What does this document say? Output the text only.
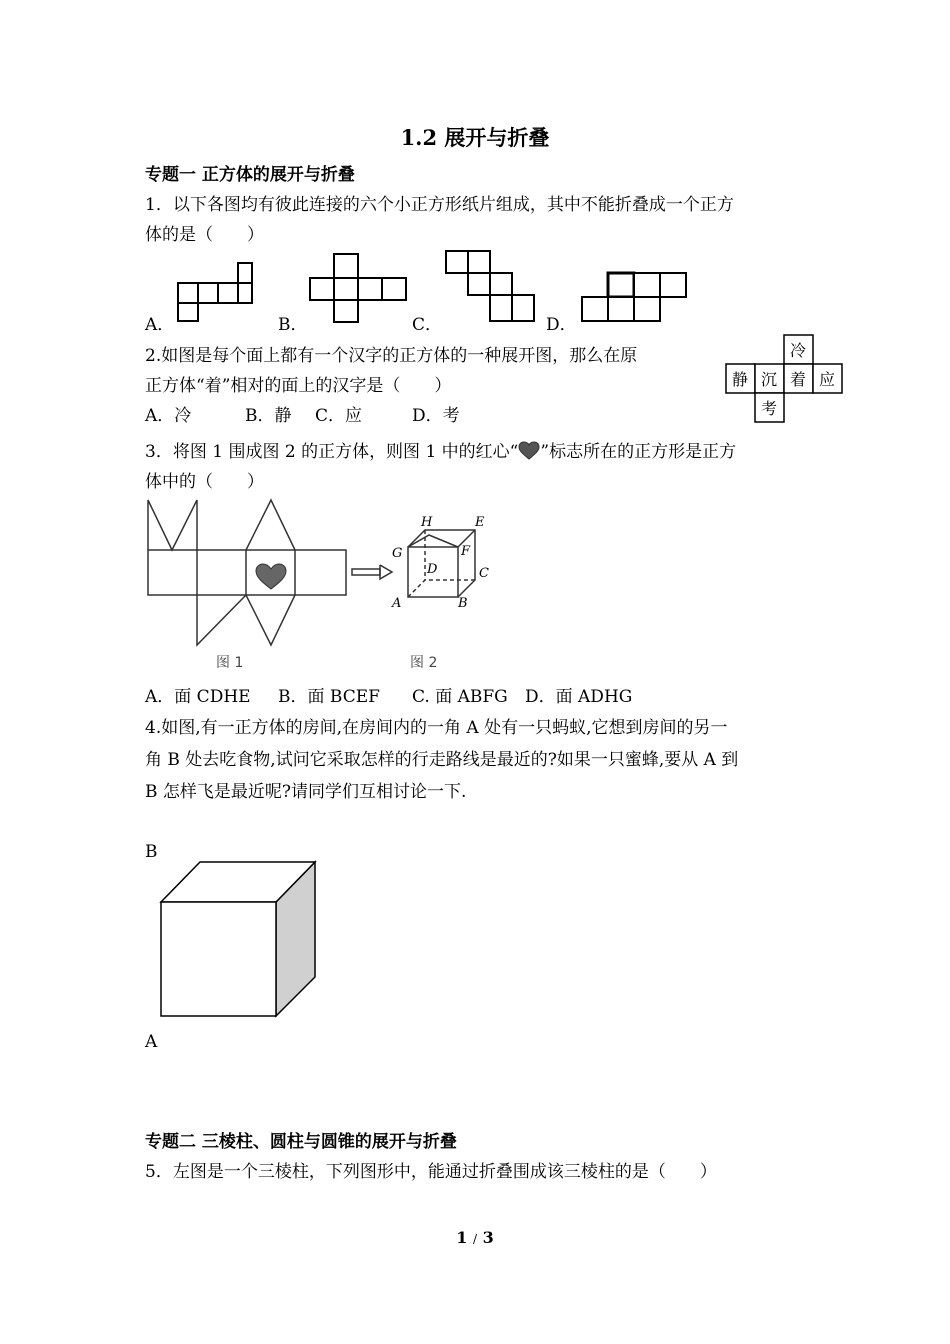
1.2 展开与折叠
专题一 正方体的展开与折叠
1．以下各图均有彼此连接的六个小正方形纸片组成，其中不能折叠成一个正方
体的是（　　）
A．	B．	C．	D．
2.如图是每个面上都有一个汉字的正方体的一种展开图，那么在原
正方体“着”相对的面上的汉字是（　　）
A．冷	B．静 C．应	D．考
冷
静 沉 着 应
考
3．将图 1 围成图 2 的正方体，则图 1 中的红心“ ”标志所在的正方形是正方
体中的（　　）
H	E
G	F
D	C
A	B
图 1	图 2
A．面 CDHE B．面 BCEF C. 面 ABFG D．面 ADHG
4.如图,有一正方体的房间,在房间内的一角 A 处有一只蚂蚁,它想到房间的另一
角 B 处去吃食物,试问它采取怎样的行走路线是最近的?如果一只蜜蜂,要从 A 到
B 怎样飞是最近呢?请同学们互相讨论一下.
B
A
专题二 三棱柱、圆柱与圆锥的展开与折叠
5．左图是一个三棱柱，下列图形中，能通过折叠围成该三棱柱的是（　　）
1 / 3
